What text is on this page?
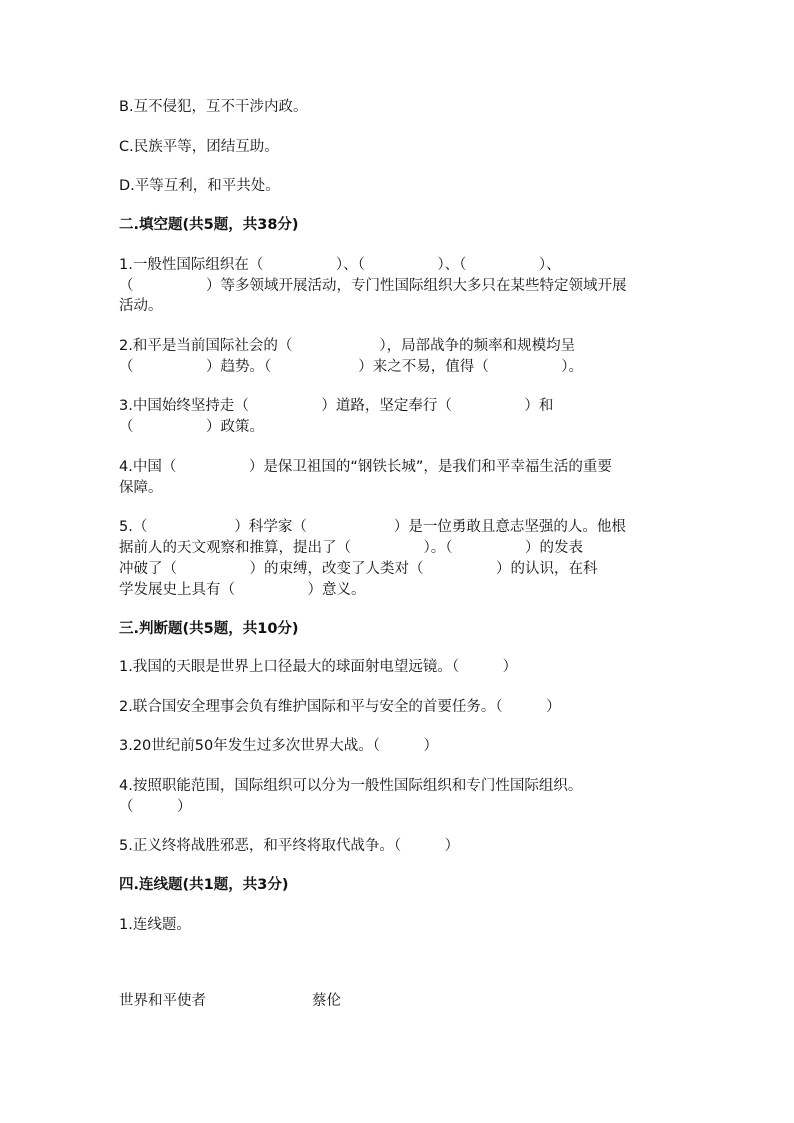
B.互不侵犯，互不干涉内政。
C.民族平等，团结互助。
D.平等互利，和平共处。
二.填空题(共5题，共38分)
1.一般性国际组织在（　　　　　）、（　　　　　）、（　　　　　）、
（　　　　　）等多领域开展活动，专门性国际组织大多只在某些特定领域开展
活动。
2.和平是当前国际社会的（　　　　　　），局部战争的频率和规模均呈
（　　　　　）趋势。（　　　　　　）来之不易，值得（　　　　　）。
3.中国始终坚持走（　　　　　）道路，坚定奉行（　　　　　）和
（　　　　　）政策。
4.中国（　　　　　）是保卫祖国的“钢铁长城”，是我们和平幸福生活的重要
保障。
5.（　　　　　　）科学家（　　　　　　）是一位勇敢且意志坚强的人。他根
据前人的天文观察和推算，提出了（　　　　　）。（　　　　　）的发表
冲破了（　　　　　）的束缚，改变了人类对（　　　　　）的认识，在科
学发展史上具有（　　　　　）意义。
三.判断题(共5题，共10分)
1.我国的天眼是世界上口径最大的球面射电望远镜。（　　　）
2.联合国安全理事会负有维护国际和平与安全的首要任务。（　　　）
3.20世纪前50年发生过多次世界大战。（　　　）
4.按照职能范围，国际组织可以分为一般性国际组织和专门性国际组织。
（　　　）
5.正义终将战胜邪恶，和平终将取代战争。（　　　）
四.连线题(共1题，共3分)
1.连线题。
世界和平使者	蔡伦
